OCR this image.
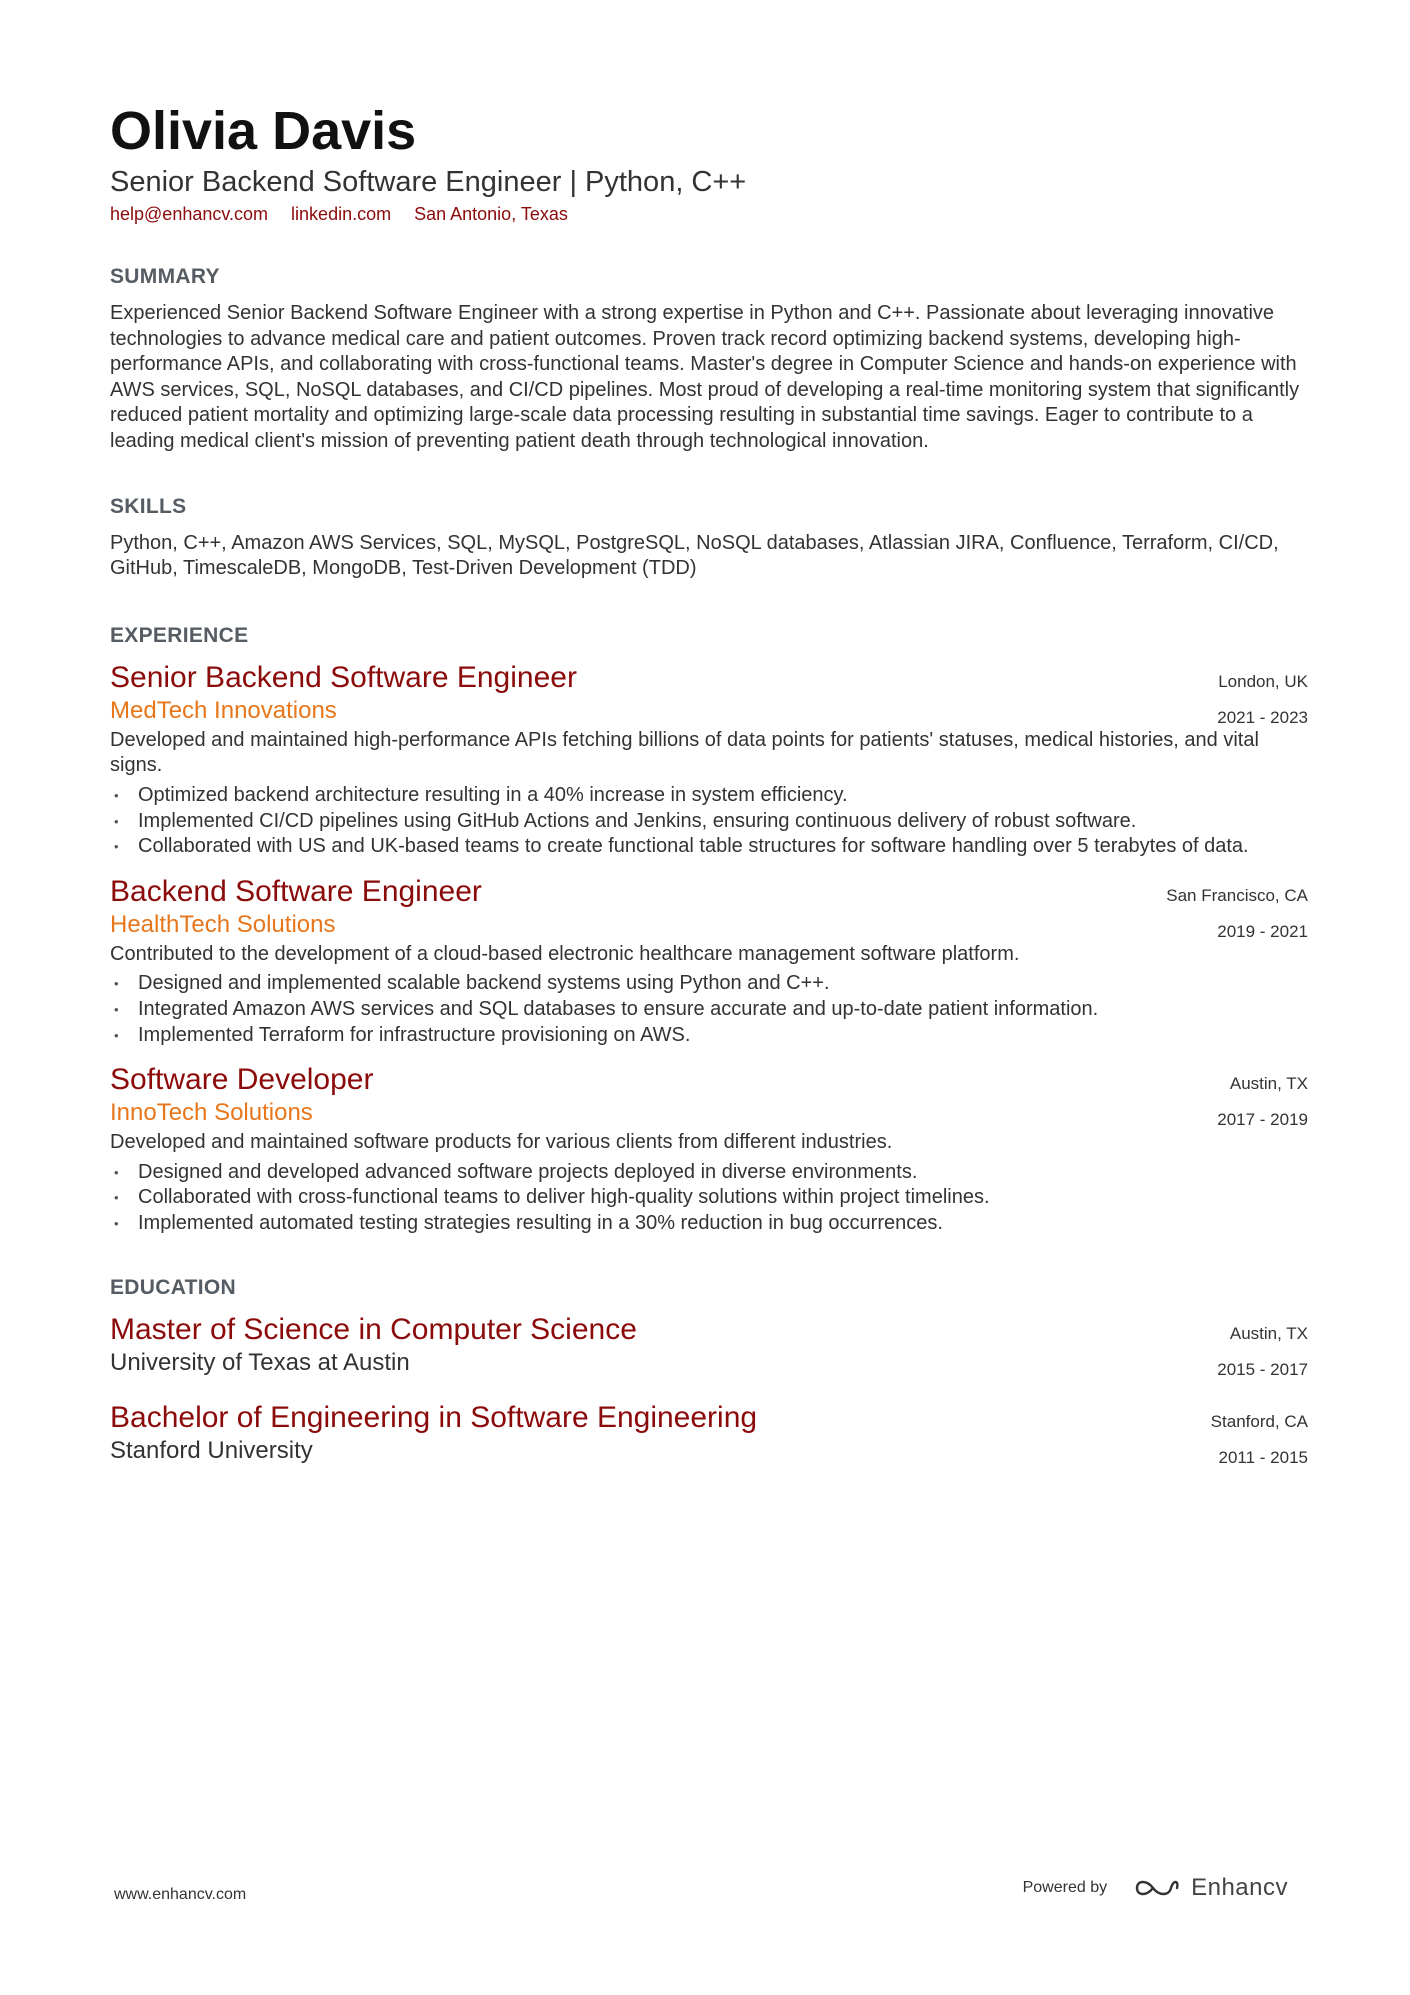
Olivia Davis
Senior Backend Software Engineer | Python, C++
help@enhancv.com linkedin.com San Antonio, Texas
SUMMARY
Experienced Senior Backend Software Engineer with a strong expertise in Python and C++. Passionate about leveraging innovative technologies to advance medical care and patient outcomes. Proven track record optimizing backend systems, developing high-performance APIs, and collaborating with cross-functional teams. Master's degree in Computer Science and hands-on experience with AWS services, SQL, NoSQL databases, and CI/CD pipelines. Most proud of developing a real-time monitoring system that significantly reduced patient mortality and optimizing large-scale data processing resulting in substantial time savings. Eager to contribute to a leading medical client's mission of preventing patient death through technological innovation.
SKILLS
Python, C++, Amazon AWS Services, SQL, MySQL, PostgreSQL, NoSQL databases, Atlassian JIRA, Confluence, Terraform, CI/CD, GitHub, TimescaleDB, MongoDB, Test-Driven Development (TDD)
EXPERIENCE
Senior Backend Software Engineer
MedTech Innovations
London, UK
2021 - 2023
Developed and maintained high-performance APIs fetching billions of data points for patients' statuses, medical histories, and vital signs.
• Optimized backend architecture resulting in a 40% increase in system efficiency.
• Implemented CI/CD pipelines using GitHub Actions and Jenkins, ensuring continuous delivery of robust software.
• Collaborated with US and UK-based teams to create functional table structures for software handling over 5 terabytes of data.
Backend Software Engineer
HealthTech Solutions
San Francisco, CA
2019 - 2021
Contributed to the development of a cloud-based electronic healthcare management software platform.
• Designed and implemented scalable backend systems using Python and C++.
• Integrated Amazon AWS services and SQL databases to ensure accurate and up-to-date patient information.
• Implemented Terraform for infrastructure provisioning on AWS.
Software Developer
InnoTech Solutions
Austin, TX
2017 - 2019
Developed and maintained software products for various clients from different industries.
• Designed and developed advanced software projects deployed in diverse environments.
• Collaborated with cross-functional teams to deliver high-quality solutions within project timelines.
• Implemented automated testing strategies resulting in a 30% reduction in bug occurrences.
EDUCATION
Master of Science in Computer Science
University of Texas at Austin
Austin, TX
2015 - 2017
Bachelor of Engineering in Software Engineering
Stanford University
Stanford, CA
2011 - 2015
www.enhancv.com	Powered by	Enhancv
